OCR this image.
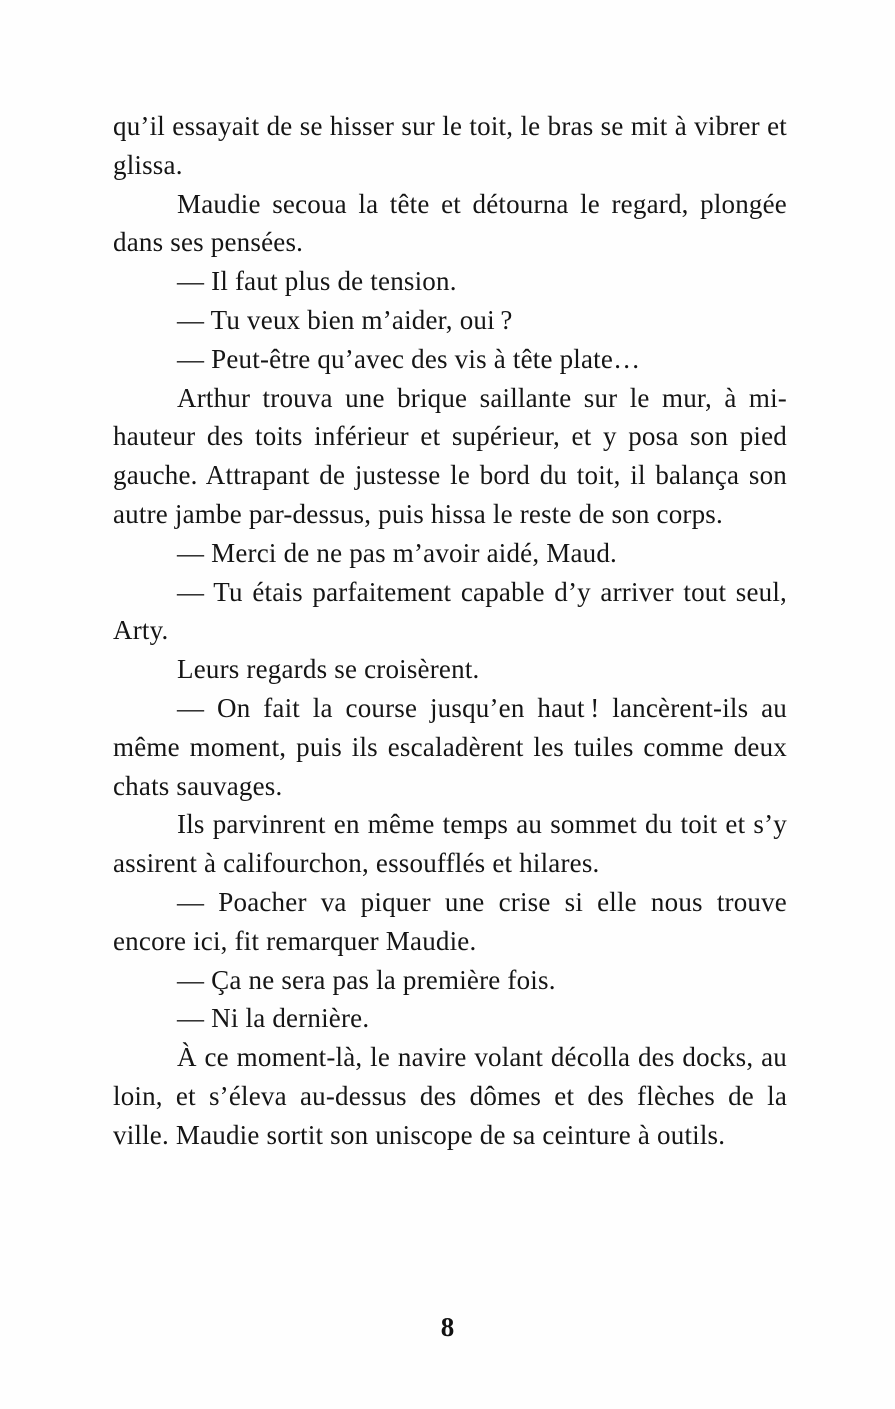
qu’il essayait de se hisser sur le toit, le bras se mit à vibrer et glissa.

Maudie secoua la tête et détourna le regard, plongée dans ses pensées.

— Il faut plus de tension.

— Tu veux bien m’aider, oui ?

— Peut-être qu’avec des vis à tête plate…

Arthur trouva une brique saillante sur le mur, à mi-hauteur des toits inférieur et supérieur, et y posa son pied gauche. Attrapant de justesse le bord du toit, il balança son autre jambe par-dessus, puis hissa le reste de son corps.

— Merci de ne pas m’avoir aidé, Maud.

— Tu étais parfaitement capable d’y arriver tout seul, Arty.

Leurs regards se croisèrent.

— On fait la course jusqu’en haut ! lancèrent-ils au même moment, puis ils escaladèrent les tuiles comme deux chats sauvages.

Ils parvinrent en même temps au sommet du toit et s’y assirent à califourchon, essoufflés et hilares.

— Poacher va piquer une crise si elle nous trouve encore ici, fit remarquer Maudie.

— Ça ne sera pas la première fois.

— Ni la dernière.

À ce moment-là, le navire volant décolla des docks, au loin, et s’éleva au-dessus des dômes et des flèches de la ville. Maudie sortit son uniscope de sa ceinture à outils.

8
